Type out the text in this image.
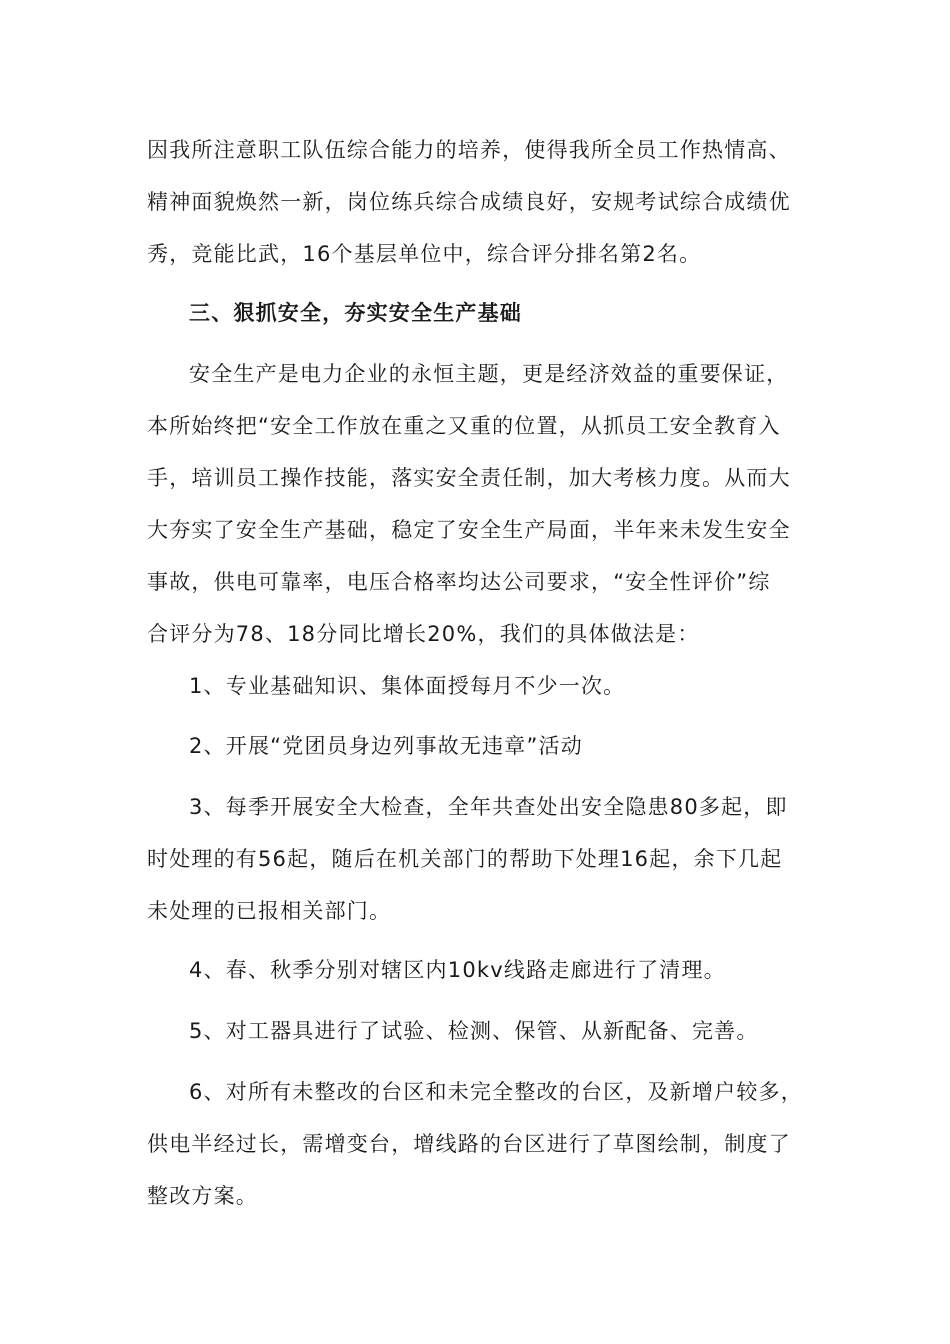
因我所注意职工队伍综合能力的培养，使得我所全员工作热情高、
精神面貌焕然一新，岗位练兵综合成绩良好，安规考试综合成绩优
秀，竞能比武，16个基层单位中，综合评分排名第2名。
三、狠抓安全，夯实安全生产基础
安全生产是电力企业的永恒主题，更是经济效益的重要保证，
本所始终把“安全工作放在重之又重的位置，从抓员工安全教育入
手，培训员工操作技能，落实安全责任制，加大考核力度。从而大
大夯实了安全生产基础，稳定了安全生产局面，半年来未发生安全
事故，供电可靠率，电压合格率均达公司要求，“安全性评价”综
合评分为78、18分同比增长20%，我们的具体做法是：
1、专业基础知识、集体面授每月不少一次。
2、开展“党团员身边列事故无违章”活动
3、每季开展安全大检查，全年共查处出安全隐患80多起，即
时处理的有56起，随后在机关部门的帮助下处理16起，余下几起
未处理的已报相关部门。
4、春、秋季分别对辖区内10kv线路走廊进行了清理。
5、对工器具进行了试验、检测、保管、从新配备、完善。
6、对所有未整改的台区和未完全整改的台区，及新增户较多，
供电半经过长，需增变台，增线路的台区进行了草图绘制，制度了
整改方案。
